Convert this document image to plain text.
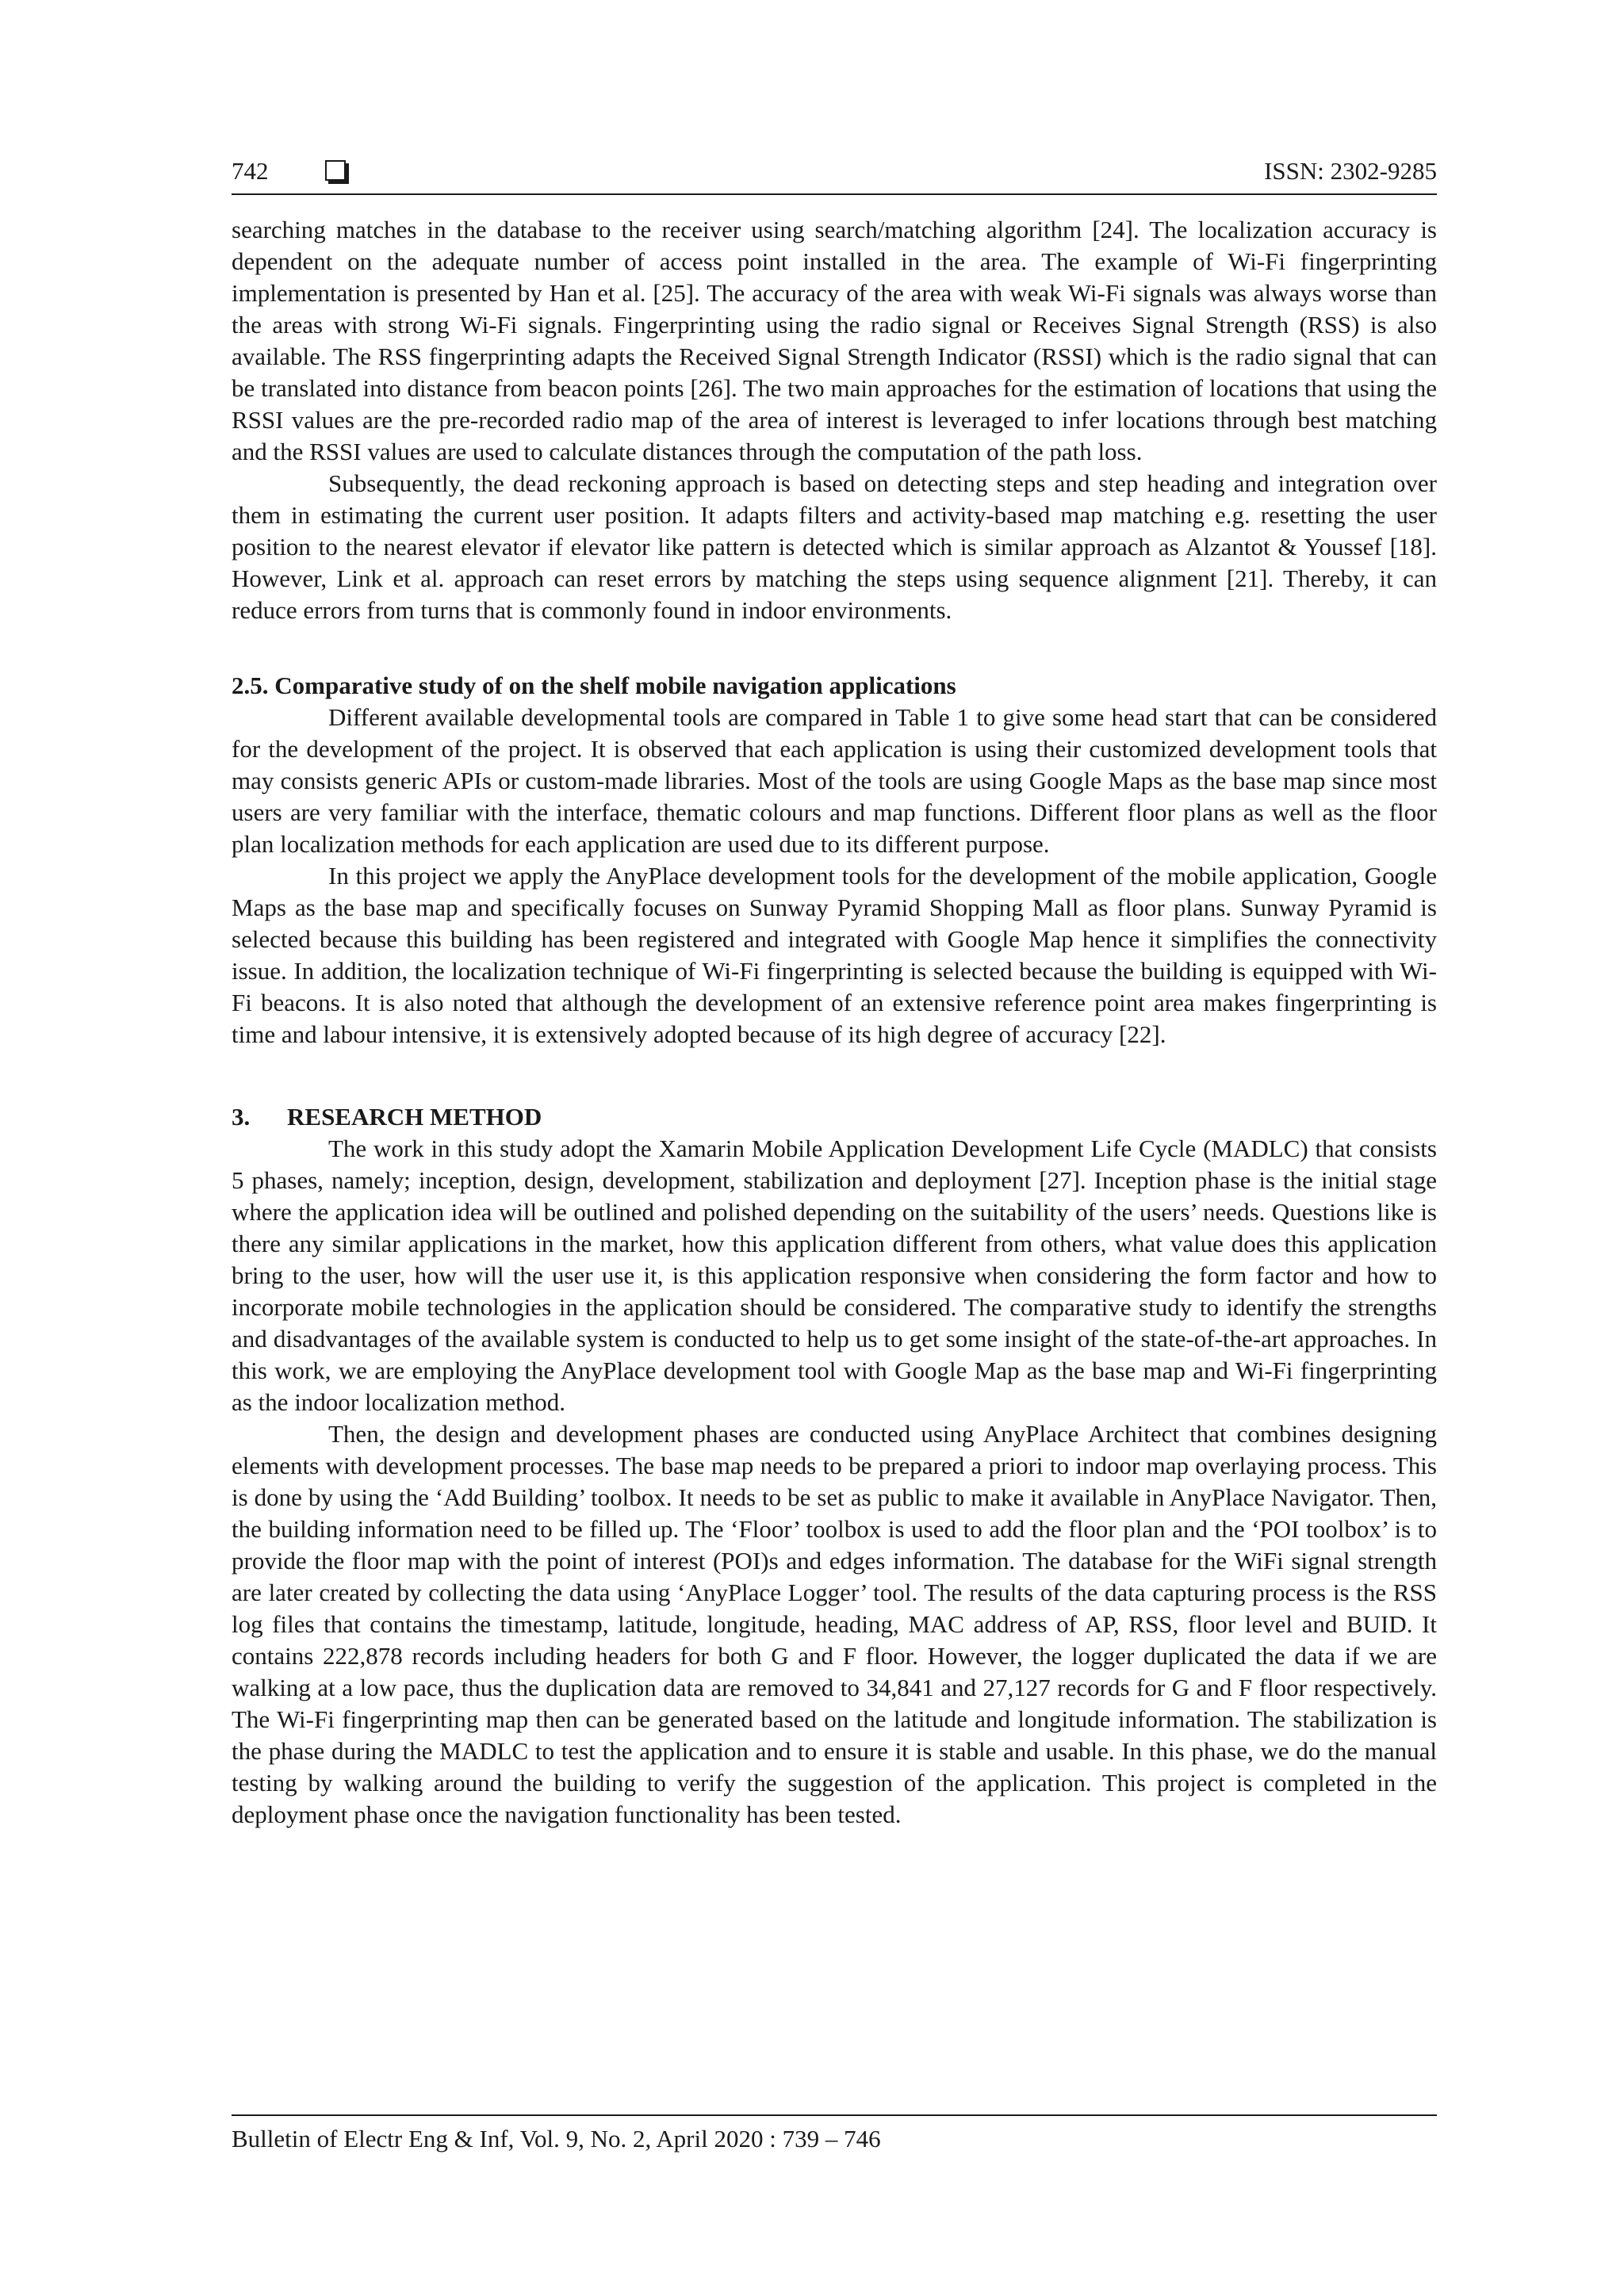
742	ISSN: 2302-9285

searching matches in the database to the receiver using search/matching algorithm [24]. The localization accuracy is dependent on the adequate number of access point installed in the area. The example of Wi-Fi fingerprinting implementation is presented by Han et al. [25]. The accuracy of the area with weak Wi-Fi signals was always worse than the areas with strong Wi-Fi signals. Fingerprinting using the radio signal or Receives Signal Strength (RSS) is also available. The RSS fingerprinting adapts the Received Signal Strength Indicator (RSSI) which is the radio signal that can be translated into distance from beacon points [26]. The two main approaches for the estimation of locations that using the RSSI values are the pre-recorded radio map of the area of interest is leveraged to infer locations through best matching and the RSSI values are used to calculate distances through the computation of the path loss.

Subsequently, the dead reckoning approach is based on detecting steps and step heading and integration over them in estimating the current user position. It adapts filters and activity-based map matching e.g. resetting the user position to the nearest elevator if elevator like pattern is detected which is similar approach as Alzantot & Youssef [18]. However, Link et al. approach can reset errors by matching the steps using sequence alignment [21]. Thereby, it can reduce errors from turns that is commonly found in indoor environments.

2.5. Comparative study of on the shelf mobile navigation applications

Different available developmental tools are compared in Table 1 to give some head start that can be considered for the development of the project. It is observed that each application is using their customized development tools that may consists generic APIs or custom-made libraries. Most of the tools are using Google Maps as the base map since most users are very familiar with the interface, thematic colours and map functions. Different floor plans as well as the floor plan localization methods for each application are used due to its different purpose.

In this project we apply the AnyPlace development tools for the development of the mobile application, Google Maps as the base map and specifically focuses on Sunway Pyramid Shopping Mall as floor plans. Sunway Pyramid is selected because this building has been registered and integrated with Google Map hence it simplifies the connectivity issue. In addition, the localization technique of Wi-Fi fingerprinting is selected because the building is equipped with Wi-Fi beacons. It is also noted that although the development of an extensive reference point area makes fingerprinting is time and labour intensive, it is extensively adopted because of its high degree of accuracy [22].

3. RESEARCH METHOD

The work in this study adopt the Xamarin Mobile Application Development Life Cycle (MADLC) that consists 5 phases, namely; inception, design, development, stabilization and deployment [27]. Inception phase is the initial stage where the application idea will be outlined and polished depending on the suitability of the users’ needs. Questions like is there any similar applications in the market, how this application different from others, what value does this application bring to the user, how will the user use it, is this application responsive when considering the form factor and how to incorporate mobile technologies in the application should be considered. The comparative study to identify the strengths and disadvantages of the available system is conducted to help us to get some insight of the state-of-the-art approaches. In this work, we are employing the AnyPlace development tool with Google Map as the base map and Wi-Fi fingerprinting as the indoor localization method.

Then, the design and development phases are conducted using AnyPlace Architect that combines designing elements with development processes. The base map needs to be prepared a priori to indoor map overlaying process. This is done by using the ‘Add Building’ toolbox. It needs to be set as public to make it available in AnyPlace Navigator. Then, the building information need to be filled up. The ‘Floor’ toolbox is used to add the floor plan and the ‘POI toolbox’ is to provide the floor map with the point of interest (POI)s and edges information. The database for the WiFi signal strength are later created by collecting the data using ‘AnyPlace Logger’ tool. The results of the data capturing process is the RSS log files that contains the timestamp, latitude, longitude, heading, MAC address of AP, RSS, floor level and BUID. It contains 222,878 records including headers for both G and F floor. However, the logger duplicated the data if we are walking at a low pace, thus the duplication data are removed to 34,841 and 27,127 records for G and F floor respectively. The Wi-Fi fingerprinting map then can be generated based on the latitude and longitude information. The stabilization is the phase during the MADLC to test the application and to ensure it is stable and usable. In this phase, we do the manual testing by walking around the building to verify the suggestion of the application. This project is completed in the deployment phase once the navigation functionality has been tested.

Bulletin of Electr Eng & Inf, Vol. 9, No. 2, April 2020 : 739 – 746
